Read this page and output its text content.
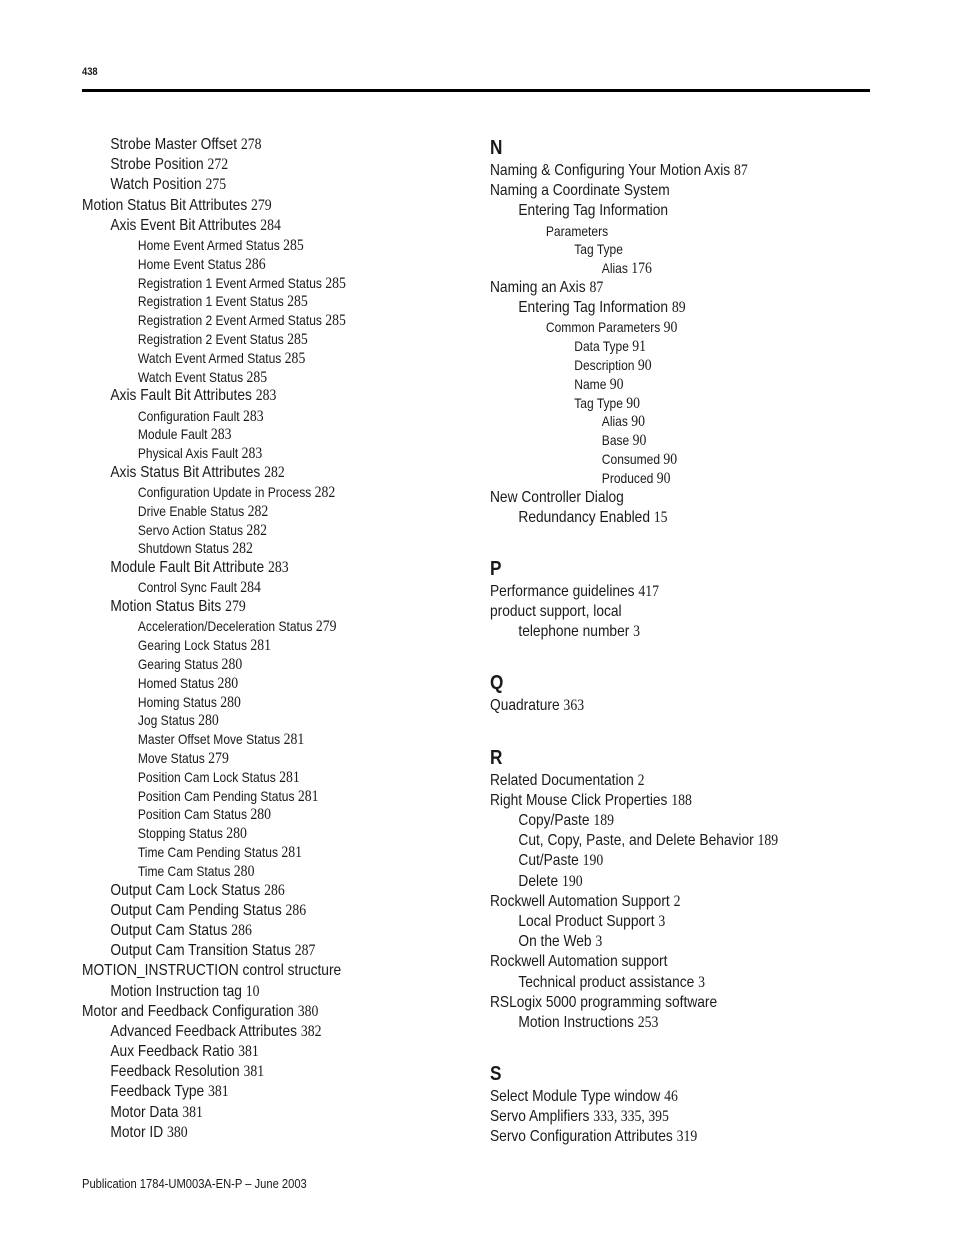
438
Strobe Master Offset 278
Strobe Position 272
Watch Position 275
Motion Status Bit Attributes 279
Axis Event Bit Attributes 284
Home Event Armed Status 285
Home Event Status 286
Registration 1 Event Armed Status 285
Registration 1 Event Status 285
Registration 2 Event Armed Status 285
Registration 2 Event Status 285
Watch Event Armed Status 285
Watch Event Status 285
Axis Fault Bit Attributes 283
Configuration Fault 283
Module Fault 283
Physical Axis Fault 283
Axis Status Bit Attributes 282
Configuration Update in Process 282
Drive Enable Status 282
Servo Action Status 282
Shutdown Status 282
Module Fault Bit Attribute 283
Control Sync Fault 284
Motion Status Bits 279
Acceleration/Deceleration Status 279
Gearing Lock Status 281
Gearing Status 280
Homed Status 280
Homing Status 280
Jog Status 280
Master Offset Move Status 281
Move Status 279
Position Cam Lock Status 281
Position Cam Pending Status 281
Position Cam Status 280
Stopping Status 280
Time Cam Pending Status 281
Time Cam Status 280
Output Cam Lock Status 286
Output Cam Pending Status 286
Output Cam Status 286
Output Cam Transition Status 287
MOTION_INSTRUCTION control structure
Motion Instruction tag 10
Motor and Feedback Configuration 380
Advanced Feedback Attributes 382
Aux Feedback Ratio 381
Feedback Resolution 381
Feedback Type 381
Motor Data 381
Motor ID 380
N
Naming & Configuring Your Motion Axis 87
Naming a Coordinate System
Entering Tag Information
Parameters
Tag Type
Alias 176
Naming an Axis 87
Entering Tag Information 89
Common Parameters 90
Data Type 91
Description 90
Name 90
Tag Type 90
Alias 90
Base 90
Consumed 90
Produced 90
New Controller Dialog
Redundancy Enabled 15
P
Performance guidelines 417
product support, local
telephone number 3
Q
Quadrature 363
R
Related Documentation 2
Right Mouse Click Properties 188
Copy/Paste 189
Cut, Copy, Paste, and Delete Behavior 189
Cut/Paste 190
Delete 190
Rockwell Automation Support 2
Local Product Support 3
On the Web 3
Rockwell Automation support
Technical product assistance 3
RSLogix 5000 programming software
Motion Instructions 253
S
Select Module Type window 46
Servo Amplifiers 333, 335, 395
Servo Configuration Attributes 319
Publication 1784-UM003A-EN-P – June 2003
